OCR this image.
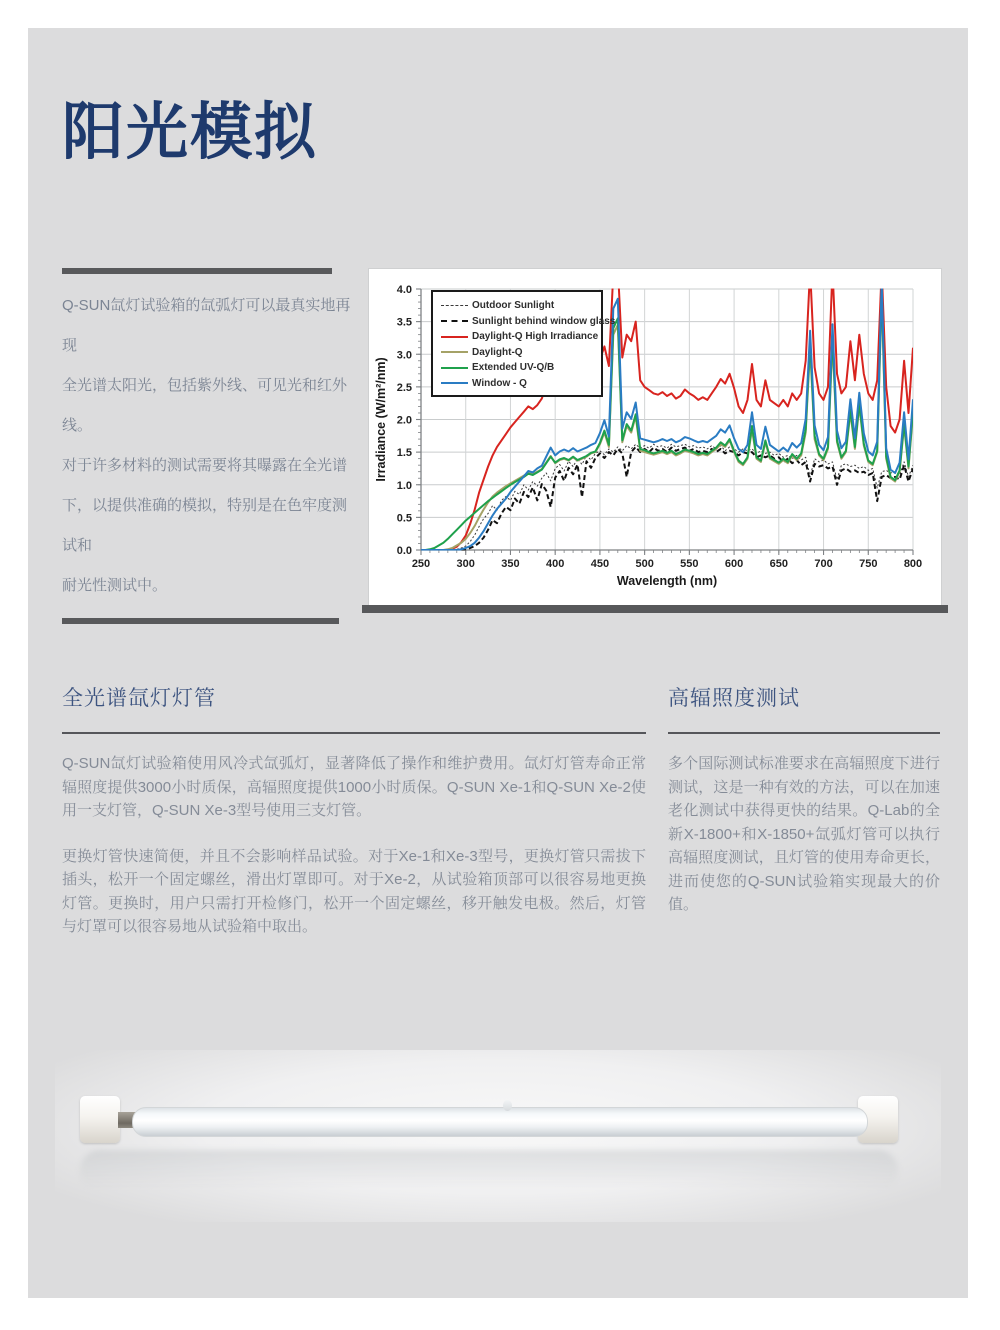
阳光模拟
Q-SUN氙灯试验箱的氙弧灯可以最真实地再 现
全光谱太阳光，包括紫外线、可见光和红外线。
对于许多材料的测试需要将其曝露在全光谱
下，以提供准确的模拟，特别是在色牢度测 试和
耐光性测试中。
250 300 350 400 450 500 550 600 650 700 750 800
0.0
0.5
1.0
1.5
2.0
2.5
3.0
3.5
4.0
Wavelength (nm)
Irradiance (W/m²/nm)
Outdoor Sunlight
Sunlight behind window glass
Daylight-Q High Irradiance
Daylight-Q
Extended UV-Q/B
Window - Q
全光谱氙灯灯管

Q-SUN氙灯试验箱使用风冷式氙弧灯，显著降低了操作和维护费用。氙灯灯管寿命正常辐照度提供3000小时质保，高辐照度提供1000小时质保。Q-SUN Xe-1和Q-SUN Xe-2使用一支灯管，Q-SUN Xe-3型号使用三支灯管。

更换灯管快速简便，并且不会影响样品试验。对于Xe-1和Xe-3型号，更换灯管只需拔下插头，松开一个固定螺丝，滑出灯罩即可。对于Xe-2，从试验箱顶部可以很容易地更换灯管。更换时，用户只需打开检修门，松开一个固定螺丝，移开触发电极。然后，灯管与灯罩可以很容易地从试验箱中取出。

高辐照度测试

多个国际测试标准要求在高辐照度下进行测试，这是一种有效的方法，可以在加速老化测试中获得更快的结果。Q-Lab的全新X-1800+和X-1850+氙弧灯管可以执行高辐照度测试，且灯管的使用寿命更长，进而使您的Q-SUN试验箱实现最大的价值。
